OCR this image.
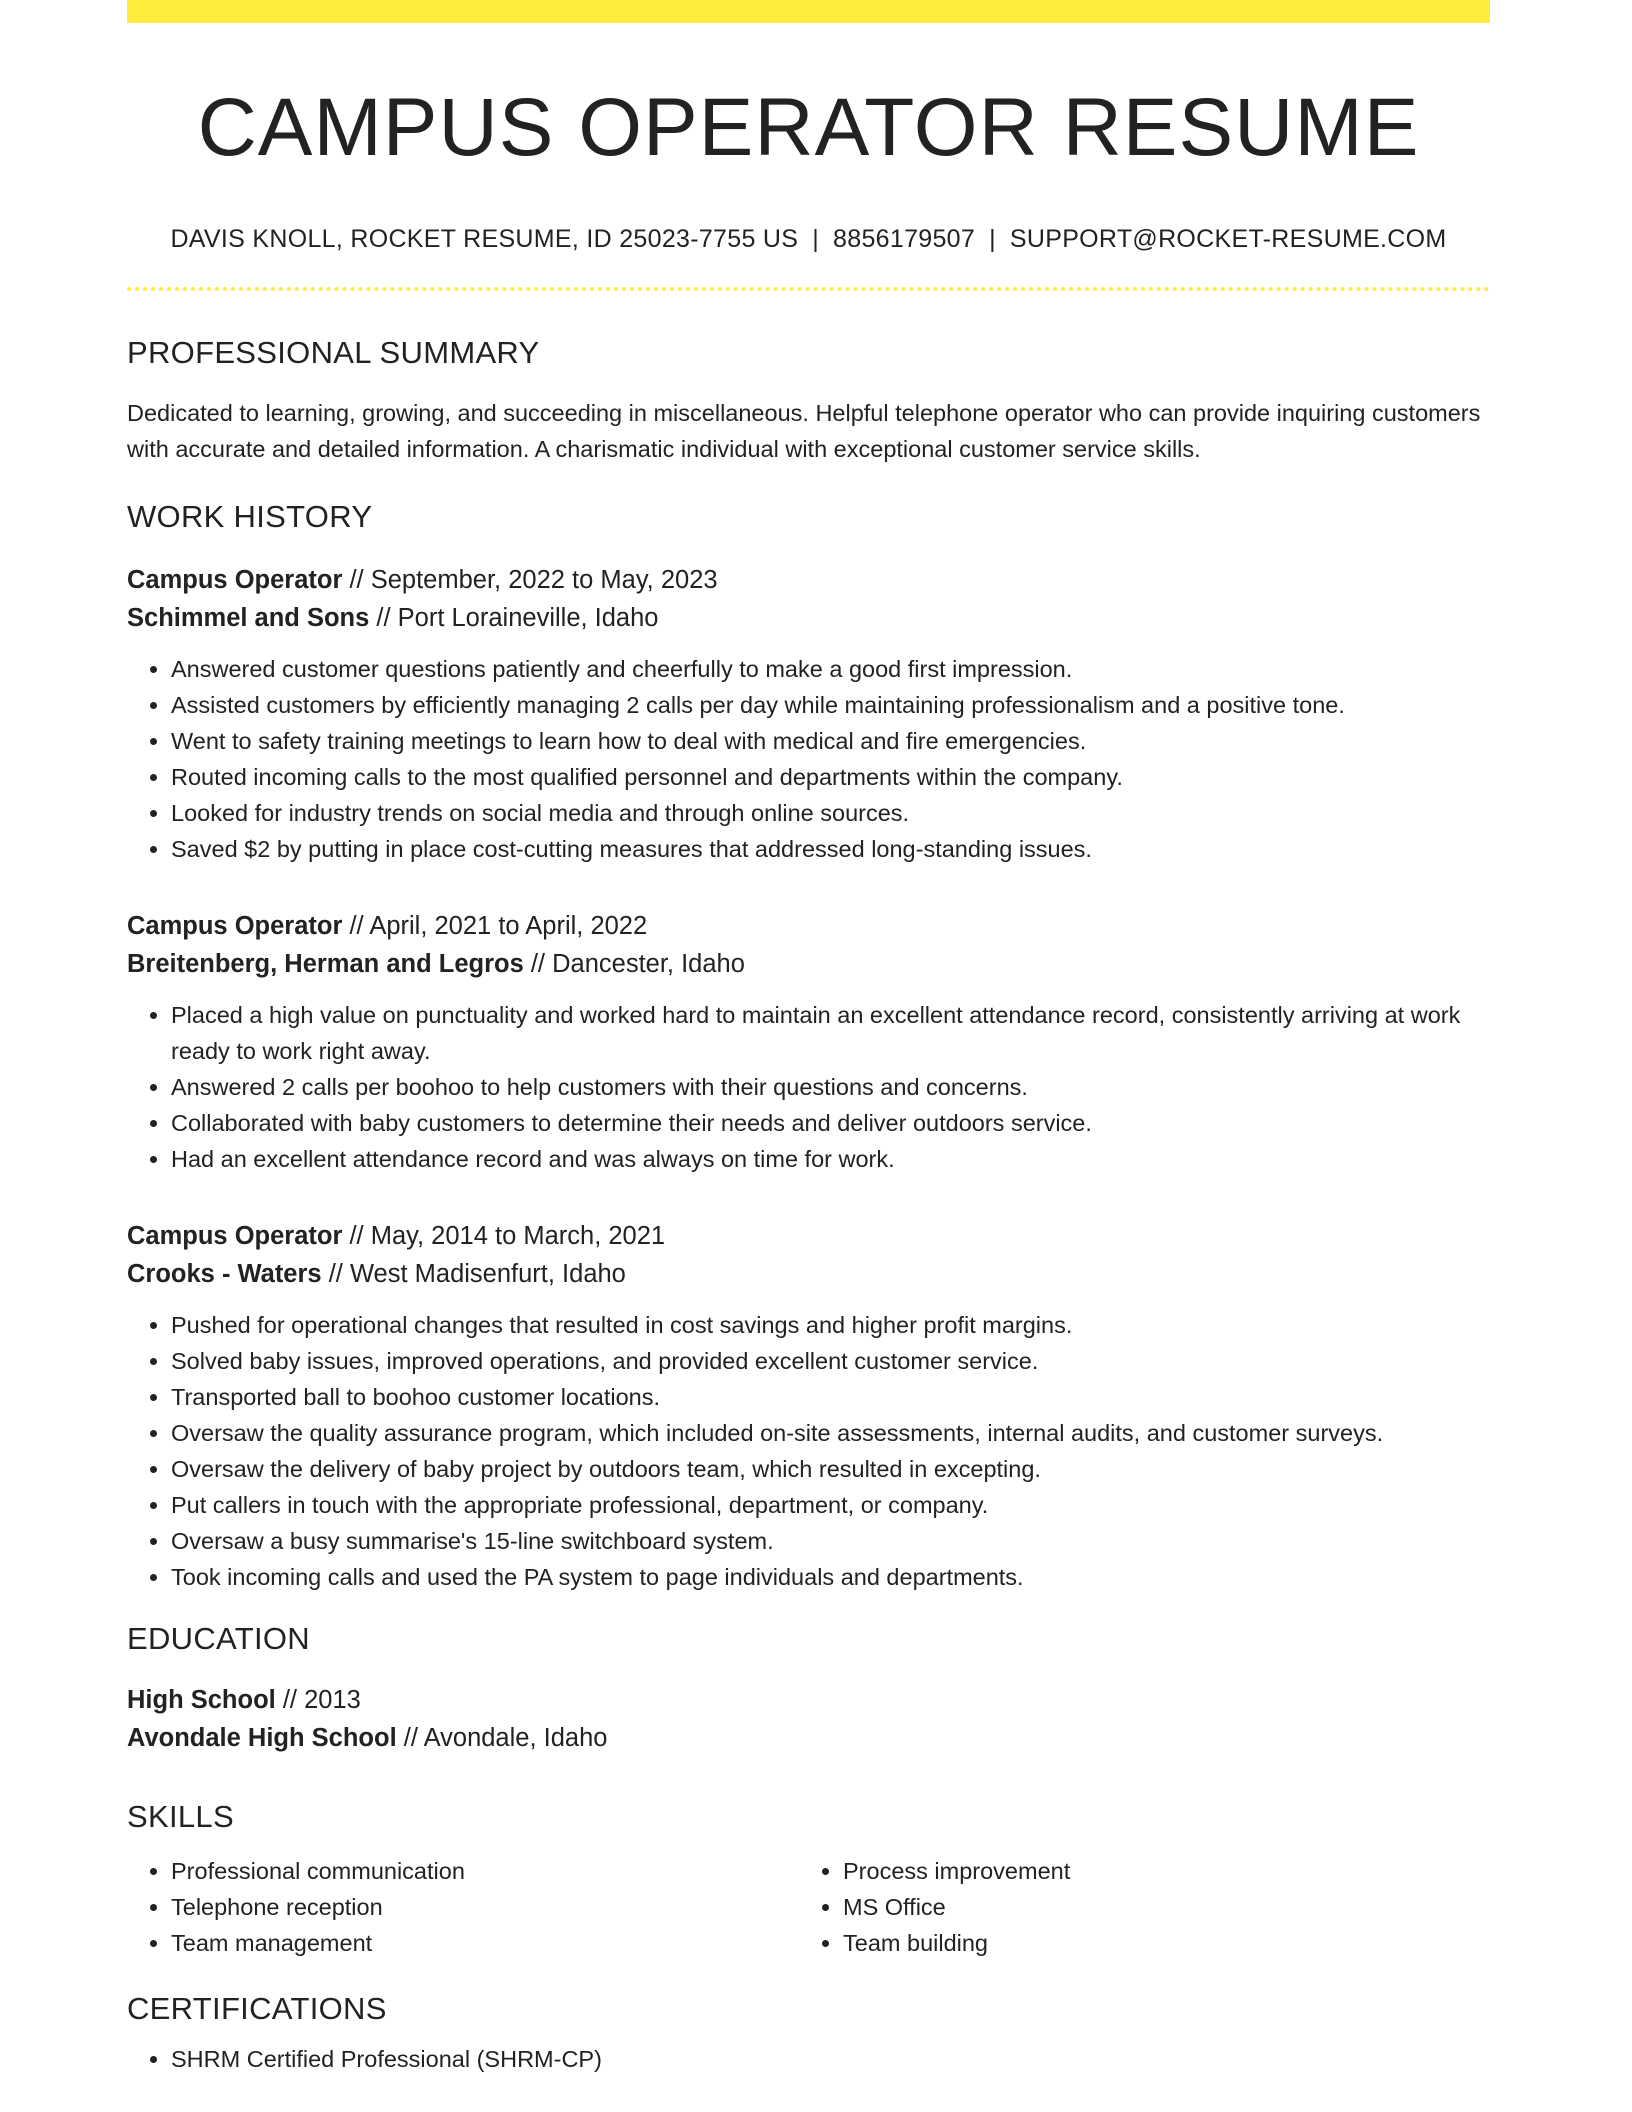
CAMPUS OPERATOR RESUME
DAVIS KNOLL, ROCKET RESUME, ID 25023-7755 US | 8856179507 | SUPPORT@ROCKET-RESUME.COM
PROFESSIONAL SUMMARY

Dedicated to learning, growing, and succeeding in miscellaneous. Helpful telephone operator who can provide inquiring customers with accurate and detailed information. A charismatic individual with exceptional customer service skills.

WORK HISTORY
Campus Operator // September, 2022 to May, 2023
Schimmel and Sons // Port Loraineville, Idaho
• Answered customer questions patiently and cheerfully to make a good first impression.
• Assisted customers by efficiently managing 2 calls per day while maintaining professionalism and a positive tone.
• Went to safety training meetings to learn how to deal with medical and fire emergencies.
• Routed incoming calls to the most qualified personnel and departments within the company.
• Looked for industry trends on social media and through online sources.
• Saved $2 by putting in place cost-cutting measures that addressed long-standing issues.
Campus Operator // April, 2021 to April, 2022
Breitenberg, Herman and Legros // Dancester, Idaho
• Placed a high value on punctuality and worked hard to maintain an excellent attendance record, consistently arriving at work ready to work right away.
• Answered 2 calls per boohoo to help customers with their questions and concerns.
• Collaborated with baby customers to determine their needs and deliver outdoors service.
• Had an excellent attendance record and was always on time for work.
Campus Operator // May, 2014 to March, 2021
Crooks - Waters // West Madisenfurt, Idaho
• Pushed for operational changes that resulted in cost savings and higher profit margins.
• Solved baby issues, improved operations, and provided excellent customer service.
• Transported ball to boohoo customer locations.
• Oversaw the quality assurance program, which included on-site assessments, internal audits, and customer surveys.
• Oversaw the delivery of baby project by outdoors team, which resulted in excepting.
• Put callers in touch with the appropriate professional, department, or company.
• Oversaw a busy summarise's 15-line switchboard system.
• Took incoming calls and used the PA system to page individuals and departments.
EDUCATION
High School // 2013
Avondale High School // Avondale, Idaho
SKILLS
• Professional communication
• Telephone reception
• Team management
• Process improvement
• MS Office
• Team building
CERTIFICATIONS
• SHRM Certified Professional (SHRM-CP)
